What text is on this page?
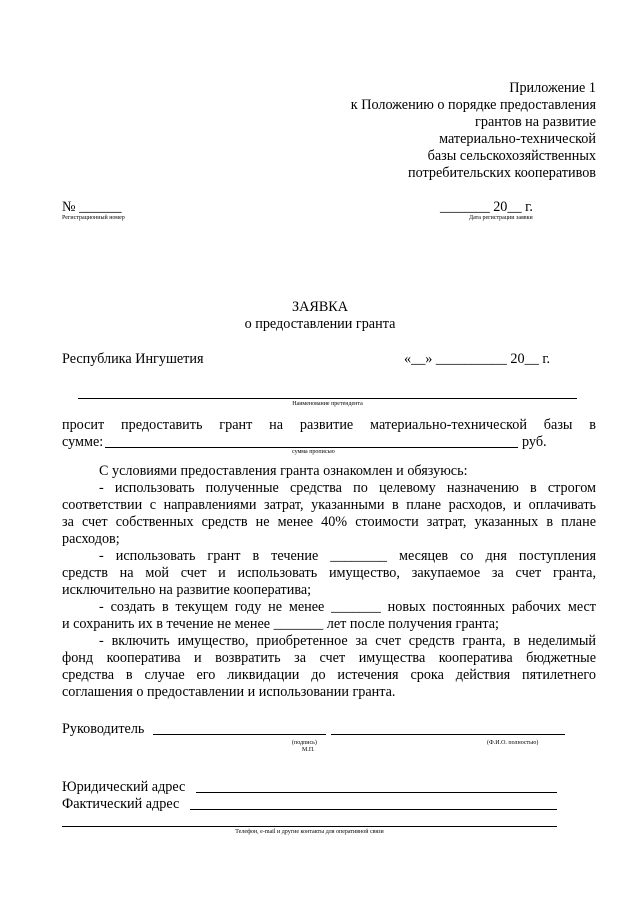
Приложение 1
к Положению о порядке предоставления
грантов на развитие
материально-технической
базы сельскохозяйственных
потребительских кооперативов
№ ______
Регистрационный номер
_______ 20__ г.
Дата регистрации заявки
ЗАЯВКА
о предоставлении гранта
Республика Ингушетия	«__» __________ 20__ г.
Наименование претендента
просит предоставить грант на развитие материально-технической базы в
сумме:	руб.
сумма прописью
С условиями предоставления гранта ознакомлен и обязуюсь:
- использовать полученные средства по целевому назначению в строгом
соответствии с направлениями затрат, указанными в плане расходов, и оплачивать
за счет собственных средств не менее 40% стоимости затрат, указанных в плане
расходов;
- использовать грант в течение ________ месяцев со дня поступления
средств на мой счет и использовать имущество, закупаемое за счет гранта,
исключительно на развитие кооператива;
- создать в текущем году не менее _______ новых постоянных рабочих мест
и сохранить их в течение не менее _______ лет после получения гранта;
- включить имущество, приобретенное за счет средств гранта, в неделимый
фонд кооператива и возвратить за счет имущества кооператива бюджетные
средства в случае его ликвидации до истечения срока действия пятилетнего
соглашения о предоставлении и использовании гранта.
Руководитель
(подпись)
М.П.
(Ф.И.О. полностью)
Юридический адрес
Фактический адрес
Телефон, e-mail и другие контакты для оперативной связи
